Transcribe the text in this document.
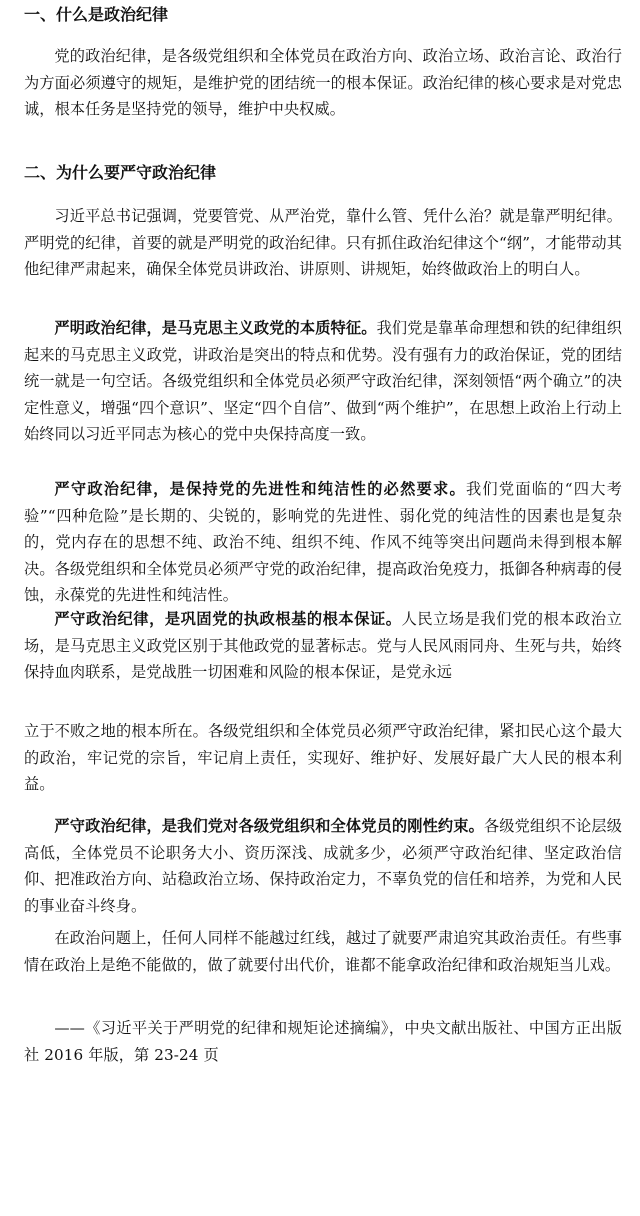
一、什么是政治纪律

党的政治纪律，是各级党组织和全体党员在政治方向、政治立场、政治言论、政治行为方面必须遵守的规矩，是维护党的团结统一的根本保证。政治纪律的核心要求是对党忠诚，根本任务是坚持党的领导，维护中央权威。

二、为什么要严守政治纪律

习近平总书记强调，党要管党、从严治党，靠什么管、凭什么治？就是靠严明纪律。严明党的纪律，首要的就是严明党的政治纪律。只有抓住政治纪律这个“纲”，才能带动其他纪律严肃起来，确保全体党员讲政治、讲原则、讲规矩，始终做政治上的明白人。

严明政治纪律，是马克思主义政党的本质特征。我们党是靠革命理想和铁的纪律组织起来的马克思主义政党，讲政治是突出的特点和优势。没有强有力的政治保证，党的团结统一就是一句空话。各级党组织和全体党员必须严守政治纪律，深刻领悟“两个确立”的决定性意义，增强“四个意识”、坚定“四个自信”、做到“两个维护”，在思想上政治上行动上始终同以习近平同志为核心的党中央保持高度一致。

严守政治纪律，是保持党的先进性和纯洁性的必然要求。我们党面临的“四大考验”“四种危险”是长期的、尖锐的，影响党的先进性、弱化党的纯洁性的因素也是复杂的，党内存在的思想不纯、政治不纯、组织不纯、作风不纯等突出问题尚未得到根本解决。各级党组织和全体党员必须严守党的政治纪律，提高政治免疫力，抵御各种病毒的侵蚀，永葆党的先进性和纯洁性。

严守政治纪律，是巩固党的执政根基的根本保证。人民立场是我们党的根本政治立场，是马克思主义政党区别于其他政党的显著标志。党与人民风雨同舟、生死与共，始终保持血肉联系，是党战胜一切困难和风险的根本保证，是党永远

立于不败之地的根本所在。各级党组织和全体党员必须严守政治纪律，紧扣民心这个最大的政治，牢记党的宗旨，牢记肩上责任，实现好、维护好、发展好最广大人民的根本利益。

严守政治纪律，是我们党对各级党组织和全体党员的刚性约束。各级党组织不论层级高低，全体党员不论职务大小、资历深浅、成就多少，必须严守政治纪律、坚定政治信仰、把准政治方向、站稳政治立场、保持政治定力，不辜负党的信任和培养，为党和人民的事业奋斗终身。

在政治问题上，任何人同样不能越过红线，越过了就要严肃追究其政治责任。有些事情在政治上是绝不能做的，做了就要付出代价，谁都不能拿政治纪律和政治规矩当儿戏。

——《习近平关于严明党的纪律和规矩论述摘编》，中央文献出版社、中国方正出版社 2016 年版，第 23-24 页
